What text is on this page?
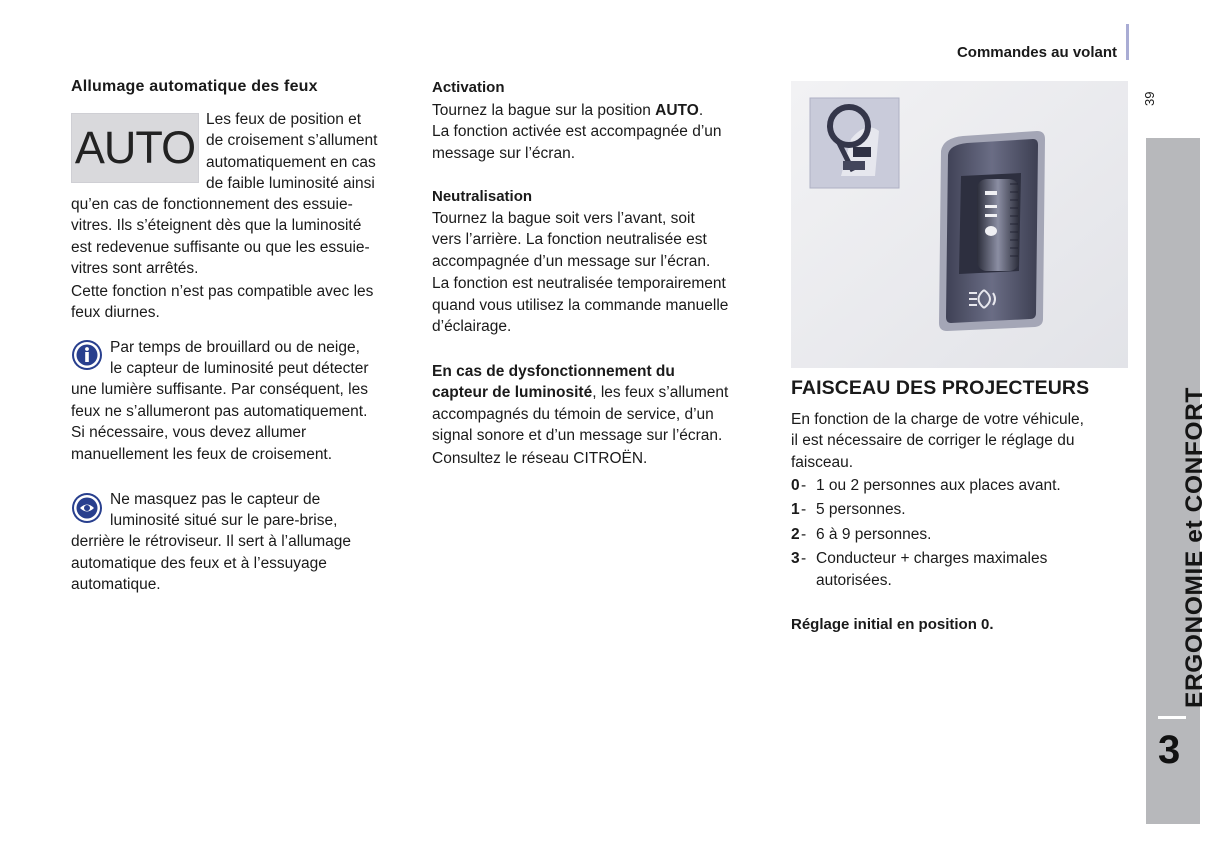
Commandes au volant
39
ERGONOMIE et CONFORT
3
Allumage automatique des feux
AUTO

Les feux de position et

de croisement s’allument

automatiquement en cas

de faible luminosité ainsi

qu’en cas de fonctionnement des essuie-

vitres. Ils s’éteignent dès que la luminosité

est redevenue suffisante ou que les essuie-

vitres sont arrêtés.

Cette fonction n’est pas compatible avec les

feux diurnes.

Par temps de brouillard ou de neige,

le capteur de luminosité peut détecter

une lumière suffisante. Par conséquent, les

feux ne s’allumeront pas automatiquement.

Si nécessaire, vous devez allumer

manuellement les feux de croisement.

Ne masquez pas le capteur de

luminosité situé sur le pare-brise,

derrière le rétroviseur. Il sert à l’allumage

automatique des feux et à l’essuyage

automatique.

Activation

Tournez la bague sur la position AUTO.

La fonction activée est accompagnée d’un

message sur l’écran.

Neutralisation

Tournez la bague soit vers l’avant, soit

vers l’arrière. La fonction neutralisée est

accompagnée d’un message sur l’écran.

La fonction est neutralisée temporairement

quand vous utilisez la commande manuelle

d’éclairage.

En cas de dysfonctionnement du

capteur de luminosité, les feux s’allument

accompagnés du témoin de service, d’un

signal sonore et d’un message sur l’écran.

Consultez le réseau CITROËN.

FAISCEAU DES PROJECTEURS

En fonction de la charge de votre véhicule,

il est nécessaire de corriger le réglage du

faisceau.

0 - 1 ou 2 personnes aux places avant.

1 - 5 personnes.

2 - 6 à 9 personnes.

3 - Conducteur + charges maximales

autorisées.

Réglage initial en position 0.
